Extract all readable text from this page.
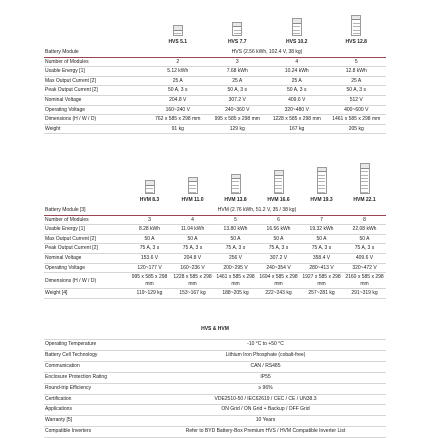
HVS 5.1	HVS 7.7	HVS 10.2	HVS 12.8
Battery Module	HVS (2.56 kWh, 102.4 V, 38 kg)			
Number of Modules	2	3	4	5
Usable Energy [1]	5.12 kWh	7.68 kWh	10.24 kWh	12.8 kWh
Max Output Current [2]	25 A	25 A	25 A	25 A
Peak Output Current [2]	50 A, 3 s	50 A, 3 s	50 A, 3 s	50 A, 3 s
Nominal Voltage	204.8 V	307.2 V	409.6 V	512 V
Operating Voltage	160~240 V	240~360 V	320~480 V	400~600 V
Dimensions (H / W / D)	762 x 585 x 298 mm	995 x 585 x 298 mm	1228 x 585 x 298 mm	1461 x 585 x 298 mm
Weight	91 kg	129 kg	167 kg	205 kg
HVM 8.3	HVM 11.0	HVM 13.8	HVM 16.6	HVM 19.3	HVM 22.1
Battery Module [3]	HVM (2.76 kWh, 51.2 V, 35 / 38 kg)					
Number of Modules	3	4	5	6	7	8
Usable Energy [1]	8.28 kWh	11.04 kWh	13.80 kWh	16.56 kWh	19.32 kWh	22.08 kWh
Max Output Current [2]	50 A	50 A	50 A	50 A	50 A	50 A
Peak Output Current [2]	75 A, 3 s	75 A, 3 s	75 A, 3 s	75 A, 3 s	75 A, 3 s	75 A, 3 s
Nominal Voltage	153.6 V	204.8 V	256 V	307.2 V	358.4 V	409.6 V
Operating Voltage	120~177 V	160~236 V	200~295 V	240~354 V	280~413 V	320~472 V
Dimensions (H / W / D)	995 x 585 x 298 mm	1228 x 585 x 298 mm	1461 x 585 x 298 mm	1694 x 585 x 298 mm	1927 x 585 x 298 mm	2160 x 585 x 298 mm
Weight [4]	119~129 kg	153~167 kg	188~205 kg	222~243 kg	257~281 kg	291~319 kg
HVS & HVM
Operating Temperature	-10 °C to +50 °C
Battery Cell Technology	Lithium Iron Phosphate (cobalt-free)
Communication	CAN / RS485
Enclosure Protection Rating	IP55
Round-trip Efficiency	≥ 96%
Certification	VDE2510-50 / IEC62619 / CEC / CE / UN38.3
Applications	ON Grid / ON Grid + Backup / OFF Grid
Warranty [5]	10 Years
Compatible Inverters	Refer to BYD Battery-Box Premium HVS / HVM Compatible Inverter List
